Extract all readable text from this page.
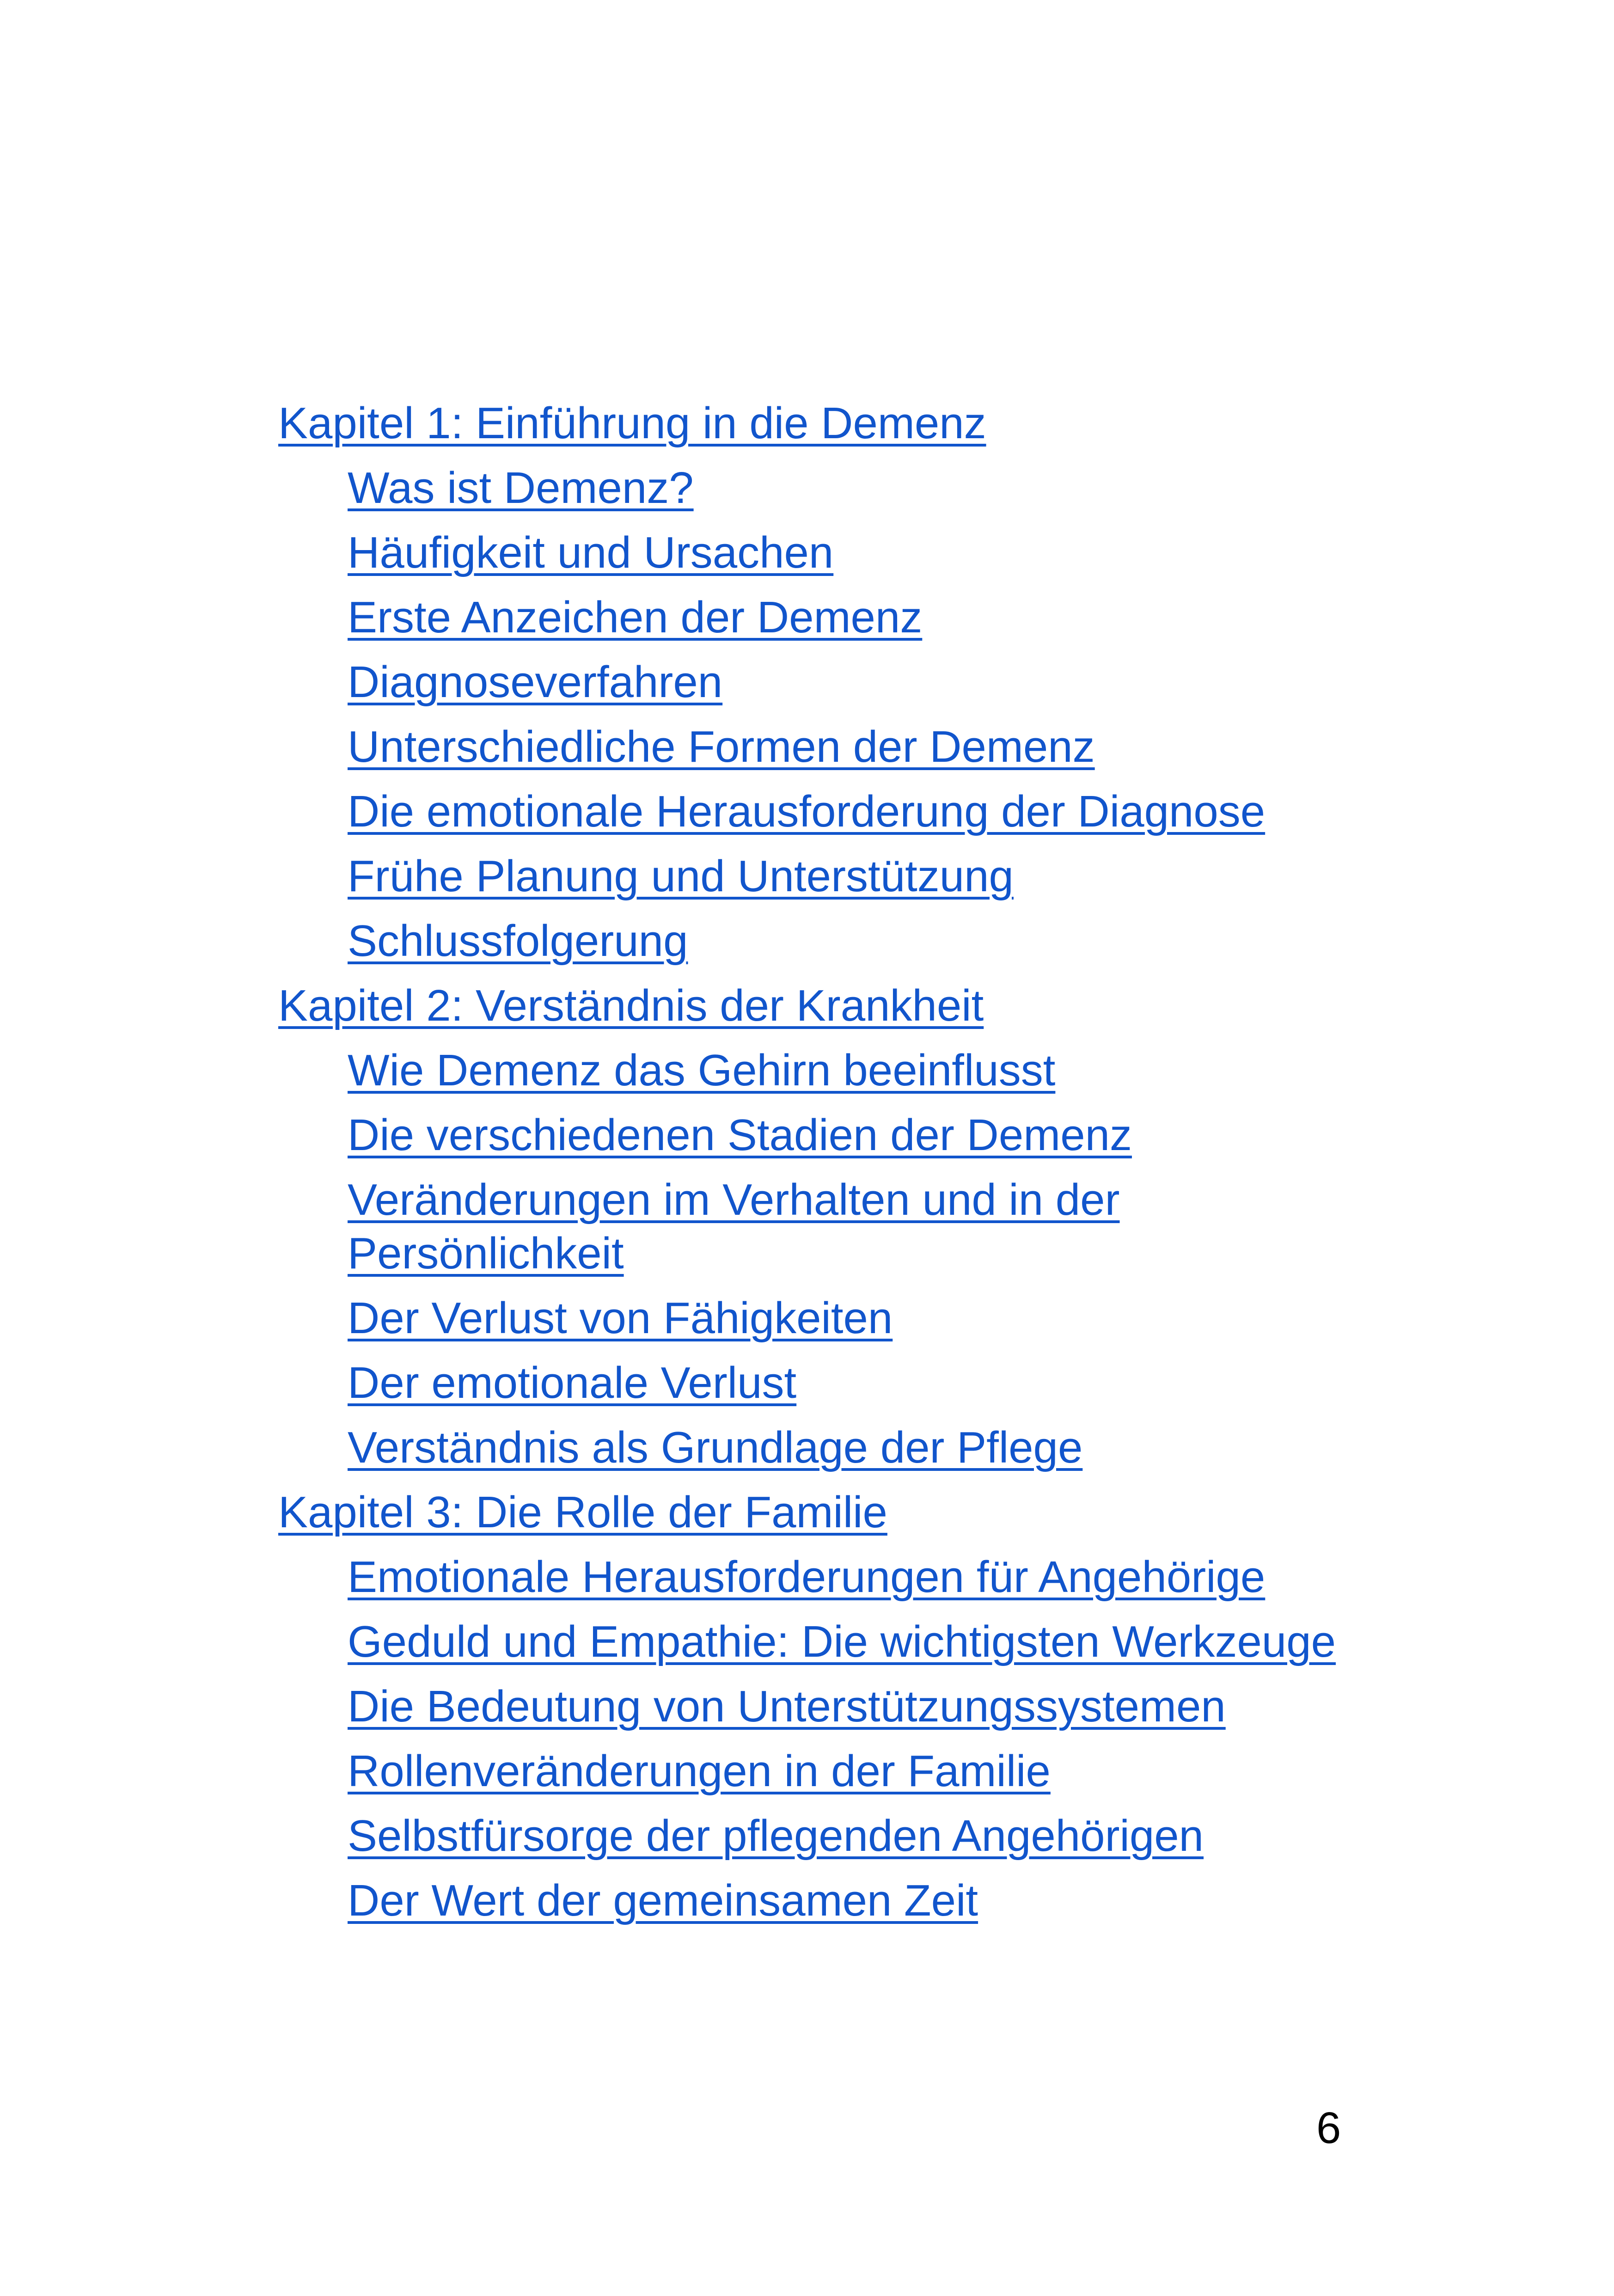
Kapitel 1: Einführung in die Demenz
Was ist Demenz?
Häufigkeit und Ursachen
Erste Anzeichen der Demenz
Diagnoseverfahren
Unterschiedliche Formen der Demenz
Die emotionale Herausforderung der Diagnose
Frühe Planung und Unterstützung
Schlussfolgerung
Kapitel 2: Verständnis der Krankheit
Wie Demenz das Gehirn beeinflusst
Die verschiedenen Stadien der Demenz
Veränderungen im Verhalten und in der Persönlichkeit
Der Verlust von Fähigkeiten
Der emotionale Verlust
Verständnis als Grundlage der Pflege
Kapitel 3: Die Rolle der Familie
Emotionale Herausforderungen für Angehörige
Geduld und Empathie: Die wichtigsten Werkzeuge
Die Bedeutung von Unterstützungssystemen
Rollenveränderungen in der Familie
Selbstfürsorge der pflegenden Angehörigen
Der Wert der gemeinsamen Zeit
6
